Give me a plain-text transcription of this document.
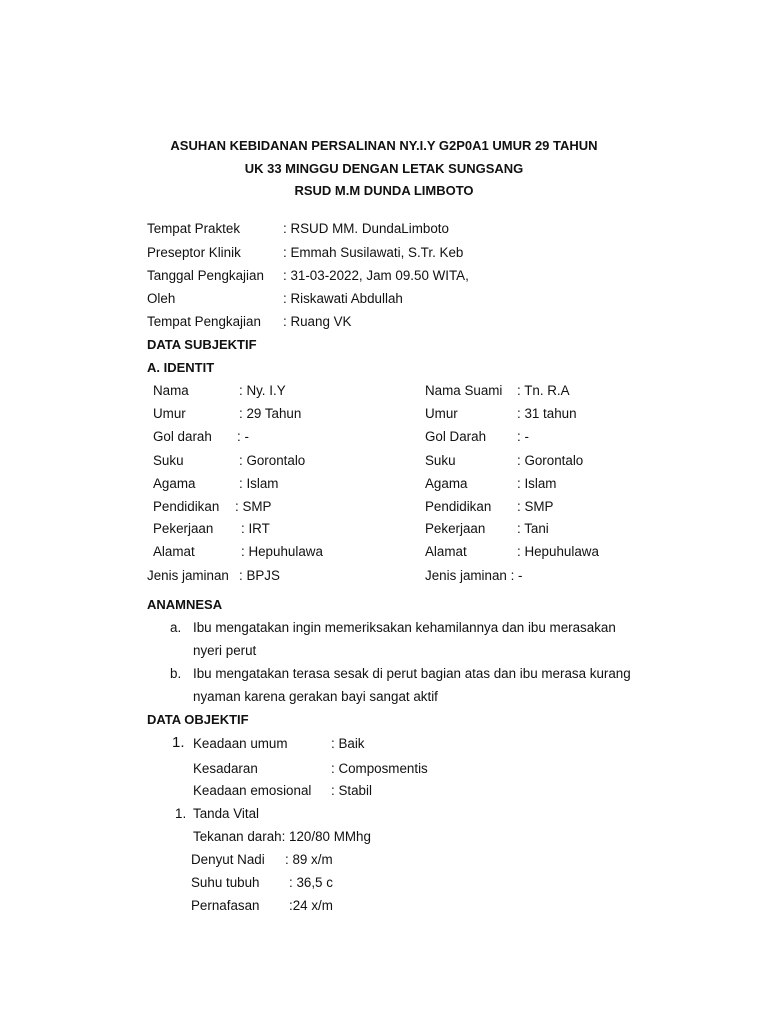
ASUHAN KEBIDANAN PERSALINAN NY.I.Y G2P0A1 UMUR 29 TAHUN
UK 33 MINGGU DENGAN LETAK SUNGSANG
RSUD M.M DUNDA LIMBOTO
Tempat Praktek	: RSUD MM. DundaLimboto
Preseptor Klinik	: Emmah Susilawati, S.Tr. Keb
Tanggal Pengkajian : 31-03-2022, Jam 09.50 WITA,
Oleh	: Riskawati Abdullah
Tempat Pengkajian : Ruang VK
DATA SUBJEKTIF
A. IDENTIT
Nama	: Ny. I.Y	Nama Suami : Tn. R.A
Umur	: 29 Tahun	Umur	: 31 tahun
Gol darah : -	Gol Darah : -
Suku	: Gorontalo	Suku	: Gorontalo
Agama	: Islam	Agama	: Islam
Pendidikan : SMP	Pendidikan : SMP
Pekerjaan : IRT	Pekerjaan : Tani
Alamat	: Hepuhulawa	Alamat	: Hepuhulawa
Jenis jaminan : BPJS	Jenis jaminan : -
ANAMNESA
a. Ibu mengatakan ingin memeriksakan kehamilannya dan ibu merasakan
nyeri perut
b. Ibu mengatakan terasa sesak di perut bagian atas dan ibu merasa kurang
nyaman karena gerakan bayi sangat aktif
DATA OBJEKTIF
1. Keadaan umum	: Baik
Kesadaran	: Composmentis
Keadaan emosional : Stabil
1. Tanda Vital
Tekanan darah: 120/80 MMhg
Denyut Nadi : 89 x/m
Suhu tubuh : 36,5 c
Pernafasan :24 x/m
